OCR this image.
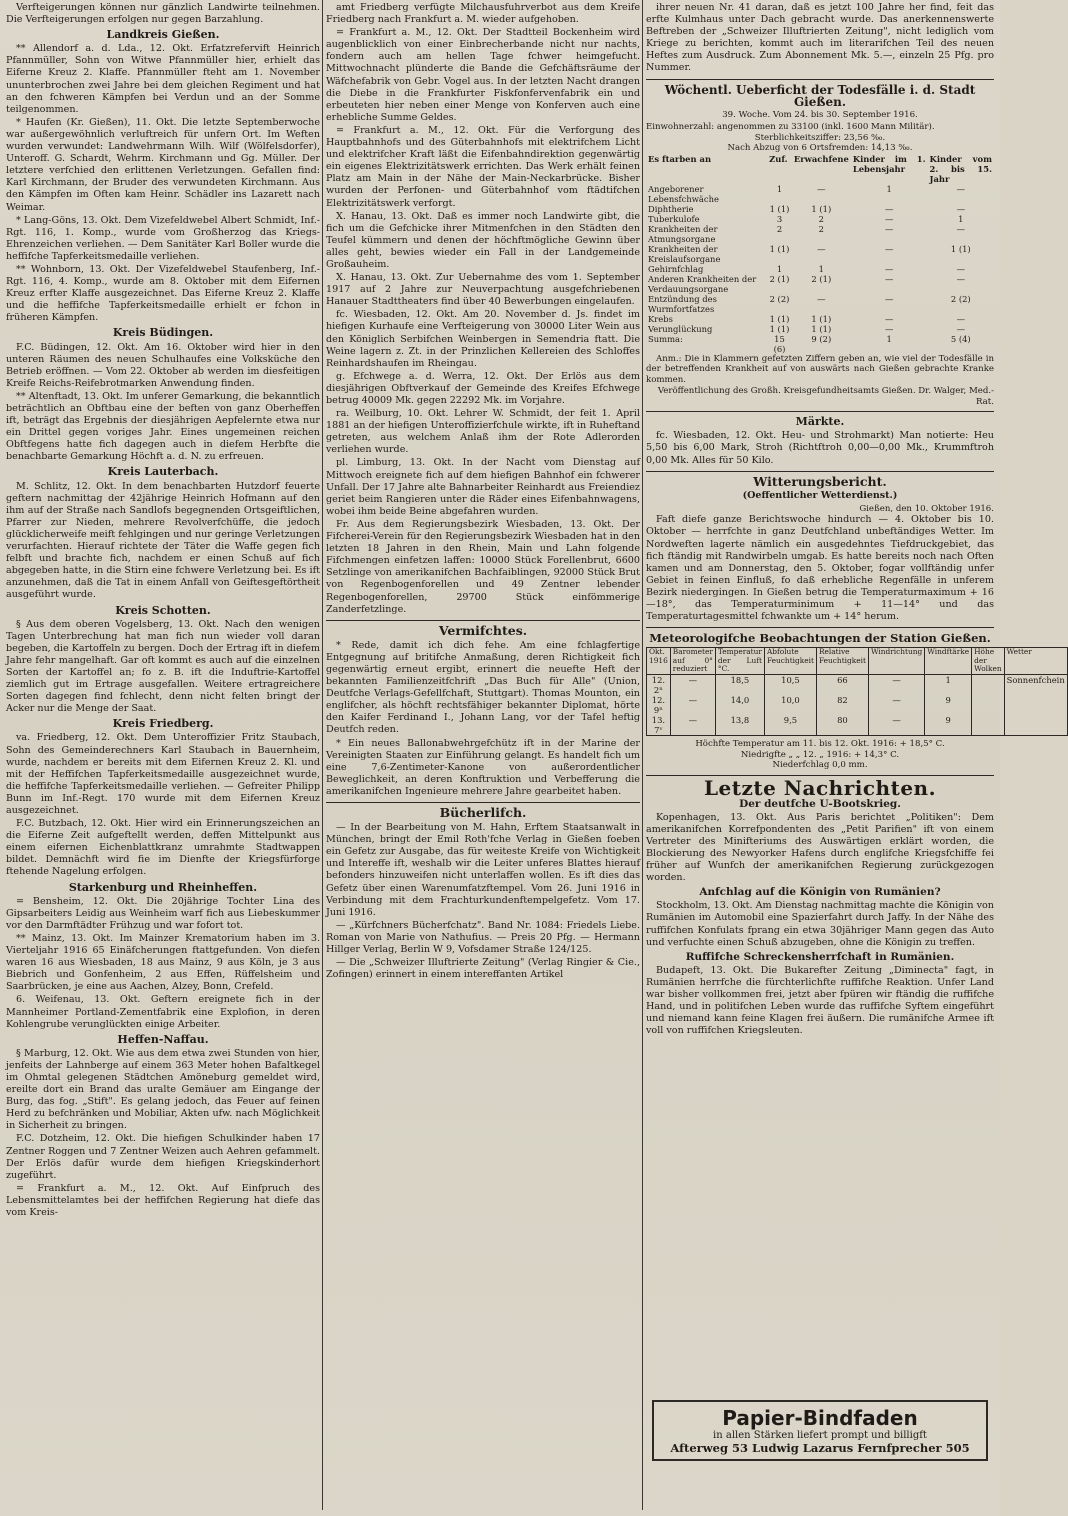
Verfteigerungen können nur gänzlich Landwirte teilnehmen. Die Verfteigerungen erfolgen nur gegen Barzahlung.

Landkreis Gießen.

** Allendorf a. d. Lda., 12. Okt. Erfatzrefervift Heinrich Pfannmüller, Sohn von Witwe Pfannmüller hier, erhielt das Eiferne Kreuz 2. Klaffe. Pfannmüller fteht am 1. November ununterbrochen zwei Jahre bei dem gleichen Regiment und hat an den fchweren Kämpfen bei Verdun und an der Somme teilgenommen.

* Haufen (Kr. Gießen), 11. Okt. Die letzte Septemberwoche war außergewöhnlich verluftreich für unfern Ort. Im Weften wurden verwundet: Landwehrmann Wilh. Wilf (Wölfelsdorfer), Unteroff. G. Schardt, Wehrm. Kirchmann und Gg. Müller. Der letztere verfchied den erlittenen Verletzungen. Gefallen find: Karl Kirchmann, der Bruder des verwundeten Kirchmann. Aus den Kämpfen im Often kam Heinr. Schädler ins Lazarett nach Weimar.

* Lang-Göns, 13. Okt. Dem Vizefeldwebel Albert Schmidt, Inf.-Rgt. 116, 1. Komp., wurde vom Großherzog das Kriegs-Ehrenzeichen verliehen. — Dem Sanitäter Karl Boller wurde die heffifche Tapferkeitsmedaille verliehen.

** Wohnborn, 13. Okt. Der Vizefeldwebel Staufenberg, Inf.-Rgt. 116, 4. Komp., wurde am 8. Oktober mit dem Eifernen Kreuz erfter Klaffe ausgezeichnet. Das Eiferne Kreuz 2. Klaffe und die heffifche Tapferkeitsmedaille erhielt er fchon in früheren Kämpfen.

Kreis Büdingen.

F.C. Büdingen, 12. Okt. Am 16. Oktober wird hier in den unteren Räumen des neuen Schulhaufes eine Volksküche den Betrieb eröffnen. — Vom 22. Oktober ab werden im diesfeitigen Kreife Reichs-Reifebrotmarken Anwendung finden.

** Altenftadt, 13. Okt. Im unferer Gemarkung, die bekanntlich beträchtlich an Obftbau eine der beften von ganz Oberheffen ift, beträgt das Ergebnis der diesjährigen Aepfelernte etwa nur ein Drittel gegen voriges Jahr. Eines ungemeinen reichen Obftfegens hatte fich dagegen auch in diefem Herbfte die benachbarte Gemarkung Höchft a. d. N. zu erfreuen.

Kreis Lauterbach.

M. Schlitz, 12. Okt. In dem benachbarten Hutzdorf feuerte geftern nachmittag der 42jährige Heinrich Hofmann auf den ihm auf der Straße nach Sandlofs begegnenden Ortsgeiftlichen, Pfarrer zur Nieden, mehrere Revolverfchüffe, die jedoch glücklicherweife meift fehlgingen und nur geringe Verletzungen verurfachten. Hierauf richtete der Täter die Waffe gegen fich felbft und brachte fich, nachdem er einen Schuß auf fich abgegeben hatte, in die Stirn eine fchwere Verletzung bei. Es ift anzunehmen, daß die Tat in einem Anfall von Geiftesgeftörtheit ausgeführt wurde.

Kreis Schotten.

§ Aus dem oberen Vogelsberg, 13. Okt. Nach den wenigen Tagen Unterbrechung hat man fich nun wieder voll daran begeben, die Kartoffeln zu bergen. Doch der Ertrag ift in diefem Jahre fehr mangelhaft. Gar oft kommt es auch auf die einzelnen Sorten der Kartoffel an; fo z. B. ift die Induftrie-Kartoffel ziemlich gut im Ertrage ausgefallen. Weitere ertragreichere Sorten dagegen find fchlecht, denn nicht felten bringt der Acker nur die Menge der Saat.

Kreis Friedberg.

va. Friedberg, 12. Okt. Dem Unteroffizier Fritz Staubach, Sohn des Gemeinderechners Karl Staubach in Bauernheim, wurde, nachdem er bereits mit dem Eifernen Kreuz 2. Kl. und mit der Heffifchen Tapferkeitsmedaille ausgezeichnet wurde, die heffifche Tapferkeitsmedaille verliehen. — Gefreiter Philipp Bunn im Inf.-Regt. 170 wurde mit dem Eifernen Kreuz ausgezeichnet.

F.C. Butzbach, 12. Okt. Hier wird ein Erinnerungszeichen an die Eiferne Zeit aufgeftellt werden, deffen Mittelpunkt aus einem eifernen Eichenblattkranz umrahmte Stadtwappen bildet. Demnächft wird fie im Dienfte der Kriegsfürforge ftehende Nagelung erfolgen.

Starkenburg und Rheinheffen.

= Bensheim, 12. Okt. Die 20jährige Tochter Lina des Gipsarbeiters Leidig aus Weinheim warf fich aus Liebeskummer vor den Darmftädter Frühzug und war fofort tot.

** Mainz, 13. Okt. Im Mainzer Krematorium haben im 3. Vierteljahr 1916 65 Einäfcherungen ftattgefunden. Von diefen waren 16 aus Wiesbaden, 18 aus Mainz, 9 aus Köln, je 3 aus Biebrich und Gonfenheim, 2 aus Effen, Rüffelsheim und Saarbrücken, je eine aus Aachen, Alzey, Bonn, Crefeld.

6. Weifenau, 13. Okt. Geftern ereignete fich in der Mannheimer Portland-Zementfabrik eine Explofion, in deren Kohlengrube verunglückten einige Arbeiter.

Heffen-Naffau.

§ Marburg, 12. Okt. Wie aus dem etwa zwei Stunden von hier, jenfeits der Lahnberge auf einem 363 Meter hohen Bafaltkegel im Ohmtal gelegenen Städtchen Amöneburg gemeldet wird, ereilte dort ein Brand das uralte Gemäuer am Eingange der Burg, das fog. „Stift". Es gelang jedoch, das Feuer auf feinen Herd zu befchränken und Mobiliar, Akten ufw. nach Möglichkeit in Sicherheit zu bringen.

F.C. Dotzheim, 12. Okt. Die hiefigen Schulkinder haben 17 Zentner Roggen und 7 Zentner Weizen auch Aehren gefammelt. Der Erlös dafür wurde dem hiefigen Kriegskinderhort zugeführt.

= Frankfurt a. M., 12. Okt. Auf Einfpruch des Lebensmittelamtes bei der heffifchen Regierung hat diefe das vom Kreis-

amt Friedberg verfügte Milchausfuhrverbot aus dem Kreife Friedberg nach Frankfurt a. M. wieder aufgehoben.

= Frankfurt a. M., 12. Okt. Der Stadtteil Bockenheim wird augenblicklich von einer Einbrecherbande nicht nur nachts, fondern auch am hellen Tage fchwer heimgefucht. Mittwochnacht plünderte die Bande die Gefchäftsräume der Wäfchefabrik von Gebr. Vogel aus. In der letzten Nacht drangen die Diebe in die Frankfurter Fiskfonfervenfabrik ein und erbeuteten hier neben einer Menge von Konferven auch eine erhebliche Summe Geldes.

= Frankfurt a. M., 12. Okt. Für die Verforgung des Hauptbahnhofs und des Güterbahnhofs mit elektrifchem Licht und elektrifcher Kraft läßt die Eifenbahndirektion gegenwärtig ein eigenes Elektrizitätswerk errichten. Das Werk erhält feinen Platz am Main in der Nähe der Main-Neckarbrücke. Bisher wurden der Perfonen- und Güterbahnhof vom ftädtifchen Elektrizitätswerk verforgt.

X. Hanau, 13. Okt. Daß es immer noch Landwirte gibt, die fich um die Gefchicke ihrer Mitmenfchen in den Städten den Teufel kümmern und denen der höchftmögliche Gewinn über alles geht, bewies wieder ein Fall in der Landgemeinde Großauheim.

X. Hanau, 13. Okt. Zur Uebernahme des vom 1. September 1917 auf 2 Jahre zur Neuverpachtung ausgefchriebenen Hanauer Stadttheaters find über 40 Bewerbungen eingelaufen.

fc. Wiesbaden, 12. Okt. Am 20. November d. Js. findet im hiefigen Kurhaufe eine Verfteigerung von 30000 Liter Wein aus den Königlich Serbifchen Weinbergen in Semendria ftatt. Die Weine lagern z. Zt. in der Prinzlichen Kellereien des Schloffes Reinhardshaufen im Rheingau.

g. Efchwege a. d. Werra, 12. Okt. Der Erlös aus dem diesjährigen Obftverkauf der Gemeinde des Kreifes Efchwege betrug 40009 Mk. gegen 22292 Mk. im Vorjahre.

ra. Weilburg, 10. Okt. Lehrer W. Schmidt, der feit 1. April 1881 an der hiefigen Unteroffizierfchule wirkte, ift in Ruheftand getreten, aus welchem Anlaß ihm der Rote Adlerorden verliehen wurde.

pl. Limburg, 13. Okt. In der Nacht vom Dienstag auf Mittwoch ereignete fich auf dem hiefigen Bahnhof ein fchwerer Unfall. Der 17 Jahre alte Bahnarbeiter Reinhardt aus Freiendiez geriet beim Rangieren unter die Räder eines Eifenbahnwagens, wobei ihm beide Beine abgefahren wurden.

Fr. Aus dem Regierungsbezirk Wiesbaden, 13. Okt. Der Fifcherei-Verein für den Regierungsbezirk Wiesbaden hat in den letzten 18 Jahren in den Rhein, Main und Lahn folgende Fifchmengen einfetzen laffen: 10000 Stück Forellenbrut, 6600 Setzlinge von amerikanifchen Bachfaiblingen, 92000 Stück Brut von Regenbogenforellen und 49 Zentner lebender Regenbogenforellen, 29700 Stück einfömmerige Zanderfetzlinge.

Vermifchtes.

* Rede, damit ich dich fehe. Am eine fchlagfertige Entgegnung auf britifche Anmaßung, deren Richtigkeit fich gegenwärtig erneut ergibt, erinnert die neuefte Heft der bekannten Familienzeitfchrift „Das Buch für Alle" (Union, Deutfche Verlags-Gefellfchaft, Stuttgart). Thomas Mounton, ein englifcher, als höchft rechtsfähiger bekannter Diplomat, hörte den Kaifer Ferdinand I., Johann Lang, vor der Tafel heftig Deutfch reden.

* Ein neues Ballonabwehrgefchütz ift in der Marine der Vereinigten Staaten zur Einführung gelangt. Es handelt fich um eine 7,6-Zentimeter-Kanone von außerordentlicher Beweglichkeit, an deren Konftruktion und Verbefferung die amerikanifchen Ingenieure mehrere Jahre gearbeitet haben.

Bücherlifch.

— In der Bearbeitung von M. Hahn, Erftem Staatsanwalt in München, bringt der Emil Roth'fche Verlag in Gießen foeben ein Gefetz zur Ausgabe, das für weiteste Kreife von Wichtigkeit und Intereffe ift, weshalb wir die Leiter unferes Blattes hierauf befonders hinzuweifen nicht unterlaffen wollen. Es ift dies das Gefetz über einen Warenumfatzftempel. Vom 26. Juni 1916 in Verbindung mit dem Frachturkundenftempelgefetz. Vom 17. Juni 1916.

— „Kürfchners Bücherfchatz". Band Nr. 1084: Friedels Liebe. Roman von Marie von Nathufius. — Preis 20 Pfg. — Hermann Hillger Verlag, Berlin W 9, Vofsdamer Straße 124/125.

— Die „Schweizer Illuftrierte Zeitung" (Verlag Ringier & Cie., Zofingen) erinnert in einem intereffanten Artikel

ihrer neuen Nr. 41 daran, daß es jetzt 100 Jahre her find, feit das erfte Kulmhaus unter Dach gebracht wurde. Das anerkennenswerte Beftreben der „Schweizer Illuftrierten Zeitung", nicht lediglich vom Kriege zu berichten, kommt auch im literarifchen Teil des neuen Heftes zum Ausdruck. Zum Abonnement Mk. 5.—, einzeln 25 Pfg. pro Nummer.

Wöchentl. Ueberficht der Todesfälle i. d. Stadt Gießen.
39. Woche. Vom 24. bis 30. September 1916.
Einwohnerzahl: angenommen zu 33100 (inkl. 1600 Mann Militär).
Sterblichkeitsziffer: 23,56 ‰.
Nach Abzug von 6 Ortsfremden: 14,13 ‰.
Es ftarben an	Zuf.	Erwachfene	Kinder im 1. Lebensjahr	Kinder vom 2. bis 15. Jahr
Angeborener Lebensfchwäche	1	—	1	—
Diphtherie	1 (1)	1 (1)	—	—
Tuberkulofe	3	2	—	1
Krankheiten der Atmungsorgane	2	2	—	—
Krankheiten der Kreislaufsorgane	1 (1)	—	—	1 (1)
Gehirnfchlag	1	1	—	—
Anderen Krankheiten der Verdauungsorgane	2 (1)	2 (1)	—	—
Entzündung des Wurmfortfatzes	2 (2)	—	—	2 (2)
Krebs	1 (1)	1 (1)	—	—
Verunglückung	1 (1)	1 (1)	—	—
Summa:	15 (6)	9 (2)	1	5 (4)

Anm.: Die in Klammern gefetzten Ziffern geben an, wie viel der Todesfälle in der betreffenden Krankheit auf von auswärts nach Gießen gebrachte Kranke kommen.

Veröffentlichung des Großh. Kreisgefundheitsamts Gießen. Dr. Walger, Med.-Rat.
Märkte.

fc. Wiesbaden, 12. Okt. Heu- und Strohmarkt) Man notierte: Heu 5,50 bis 6,00 Mark, Stroh (Richtftroh 0,00—0,00 Mk., Krummftroh 0,00 Mk. Alles für 50 Kilo.

Witterungsbericht.
(Oeffentlicher Wetterdienst.)
Gießen, den 10. Oktober 1916.

Faft diefe ganze Berichtswoche hindurch — 4. Oktober bis 10. Oktober — herrfchte in ganz Deutfchland unbeftändiges Wetter. Im Nordweften lagerte nämlich ein ausgedehntes Tiefdruckgebiet, das fich ftändig mit Randwirbeln umgab. Es hatte bereits noch nach Often kamen und am Donnerstag, den 5. Oktober, fogar vollftändig unfer Gebiet in feinen Einfluß, fo daß erhebliche Regenfälle in unferem Bezirk niedergingen. In Gießen betrug die Temperaturmaximum + 16—18°, das Temperaturminimum + 11—14° und das Temperaturtagesmittel fchwankte um + 14° herum.

Meteorologifche Beobachtungen der Station Gießen.
Okt. 1916	Barometer auf 0° reduziert	Temperatur der Luft °C.	Abfolute Feuchtigkeit	Relative Feuchtigkeit	Windrichtung	Windftärke	Höhe der Wolken	Wetter
12. 2ⁿ	—	18,5	10,5	66	—	1		Sonnenfchein
12. 9ⁿ	—	14,0	10,0	82	—	9		
13. 7ᵛ	—	13,8	9,5	80	—	9		
Höchfte Temperatur am 11. bis 12. Okt. 1916: + 18,5° C.
Niedrigfte „ „ 12. „ 1916: + 14,3° C.
Niederfchlag 0,0 mm.
Letzte Nachrichten.
Der deutfche U-Bootskrieg.

Kopenhagen, 13. Okt. Aus Paris berichtet „Politiken": Dem amerikanifchen Korrefpondenten des „Petit Parifien" ift von einem Vertreter des Minifteriums des Auswärtigen erklärt worden, die Blockierung des Newyorker Hafens durch englifche Kriegsfchiffe fei früher auf Wunfch der amerikanifchen Regierung zurückgezogen worden.

Anfchlag auf die Königin von Rumänien?

Stockholm, 13. Okt. Am Dienstag nachmittag machte die Königin von Rumänien im Automobil eine Spazierfahrt durch Jaffy. In der Nähe des ruffifchen Konfulats fprang ein etwa 30jähriger Mann gegen das Auto und verfuchte einen Schuß abzugeben, ohne die Königin zu treffen.

Ruffifche Schreckensherrfchaft in Rumänien.

Budapeft, 13. Okt. Die Bukarefter Zeitung „Diminecta" fagt, in Rumänien herrfche die fürchterlichfte ruffifche Reaktion. Unfer Land war bisher vollkommen frei, jetzt aber fpüren wir ftändig die ruffifche Hand, und in politifchen Leben wurde das ruffifche Syftem eingeführt und niemand kann feine Klagen frei äußern. Die rumänifche Armee ift voll von ruffifchen Kriegsleuten.

Papier-Bindfaden
in allen Stärken liefert prompt und billigft
Afterweg 53 Ludwig Lazarus Fernfprecher 505
